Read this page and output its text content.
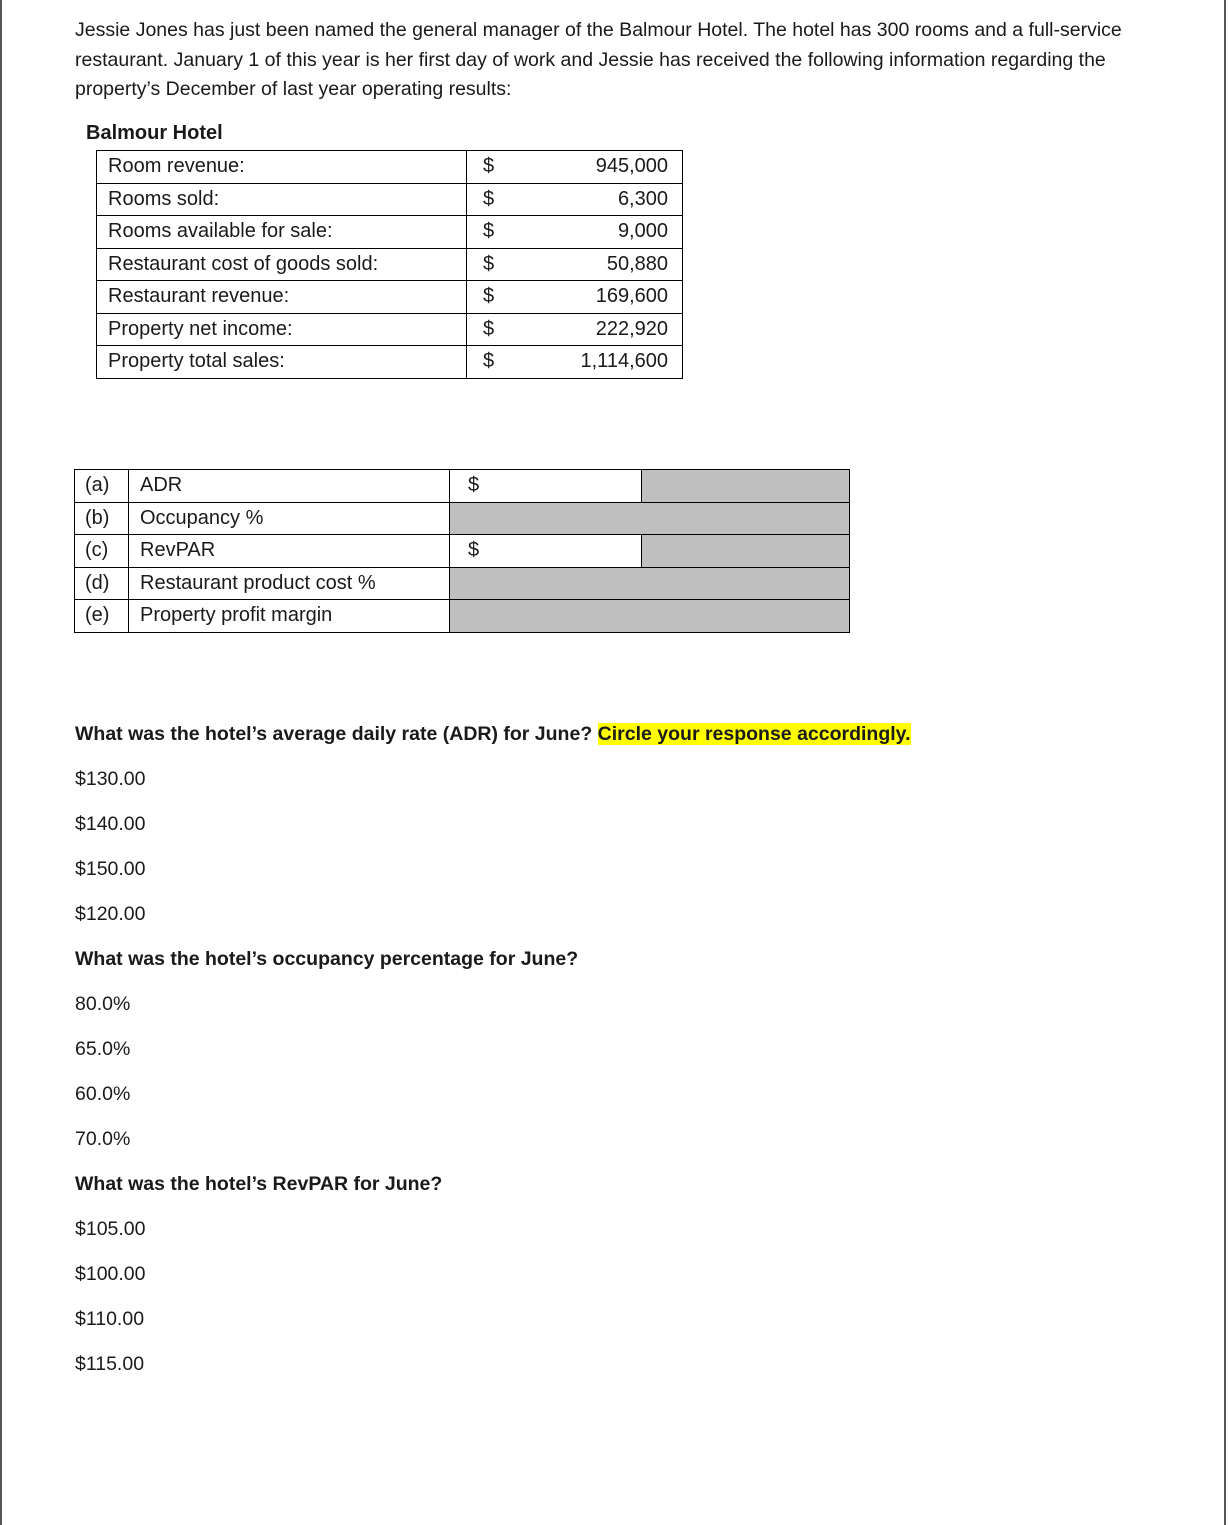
Jessie Jones has just been named the general manager of the Balmour Hotel. The hotel has 300 rooms and a full-service restaurant. January 1 of this year is her first day of work and Jessie has received the following information regarding the property’s December of last year operating results:

Balmour Hotel

Room revenue:	$	945,000
Rooms sold:	$	6,300
Rooms available for sale:	$	9,000
Restaurant cost of goods sold:	$	50,880
Restaurant revenue:	$	169,600
Property net income:	$	222,920
Property total sales:	$	1,114,600
(a)	ADR	$	
(b)	Occupancy %		
(c)	RevPAR	$	
(d)	Restaurant product cost %		
(e)	Property profit margin		

What was the hotel’s average daily rate (ADR) for June? Circle your response accordingly.

$130.00

$140.00

$150.00

$120.00

What was the hotel’s occupancy percentage for June?

80.0%

65.0%

60.0%

70.0%

What was the hotel’s RevPAR for June?

$105.00

$100.00

$110.00

$115.00
